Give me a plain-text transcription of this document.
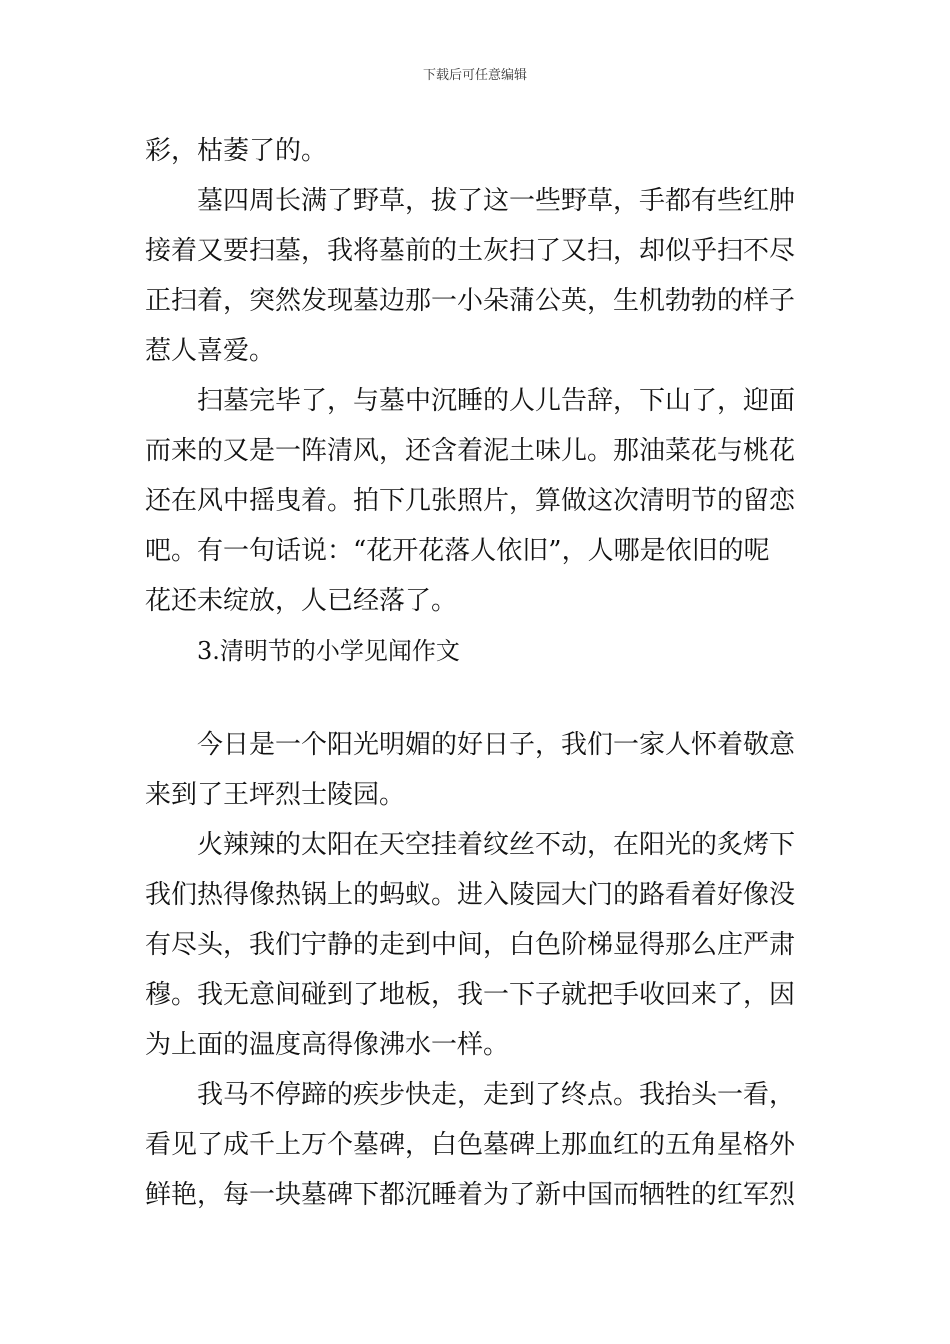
下载后可任意编辑
彩，枯萎了的。
墓四周长满了野草，拔了这一些野草，手都有些红肿
接着又要扫墓，我将墓前的土灰扫了又扫，却似乎扫不尽
正扫着，突然发现墓边那一小朵蒲公英，生机勃勃的样子
惹人喜爱。
扫墓完毕了，与墓中沉睡的人儿告辞，下山了，迎面
而来的又是一阵清风，还含着泥土味儿。那油菜花与桃花
还在风中摇曳着。拍下几张照片，算做这次清明节的留恋
吧。有一句话说：“花开花落人依旧”，人哪是依旧的呢
花还未绽放，人已经落了。
3.清明节的小学见闻作文
今日是一个阳光明媚的好日子，我们一家人怀着敬意
来到了王坪烈士陵园。
火辣辣的太阳在天空挂着纹丝不动，在阳光的炙烤下
我们热得像热锅上的蚂蚁。进入陵园大门的路看着好像没
有尽头，我们宁静的走到中间，白色阶梯显得那么庄严肃
穆。我无意间碰到了地板，我一下子就把手收回来了，因
为上面的温度高得像沸水一样。
我马不停蹄的疾步快走，走到了终点。我抬头一看，
看见了成千上万个墓碑，白色墓碑上那血红的五角星格外
鲜艳，每一块墓碑下都沉睡着为了新中国而牺牲的红军烈
